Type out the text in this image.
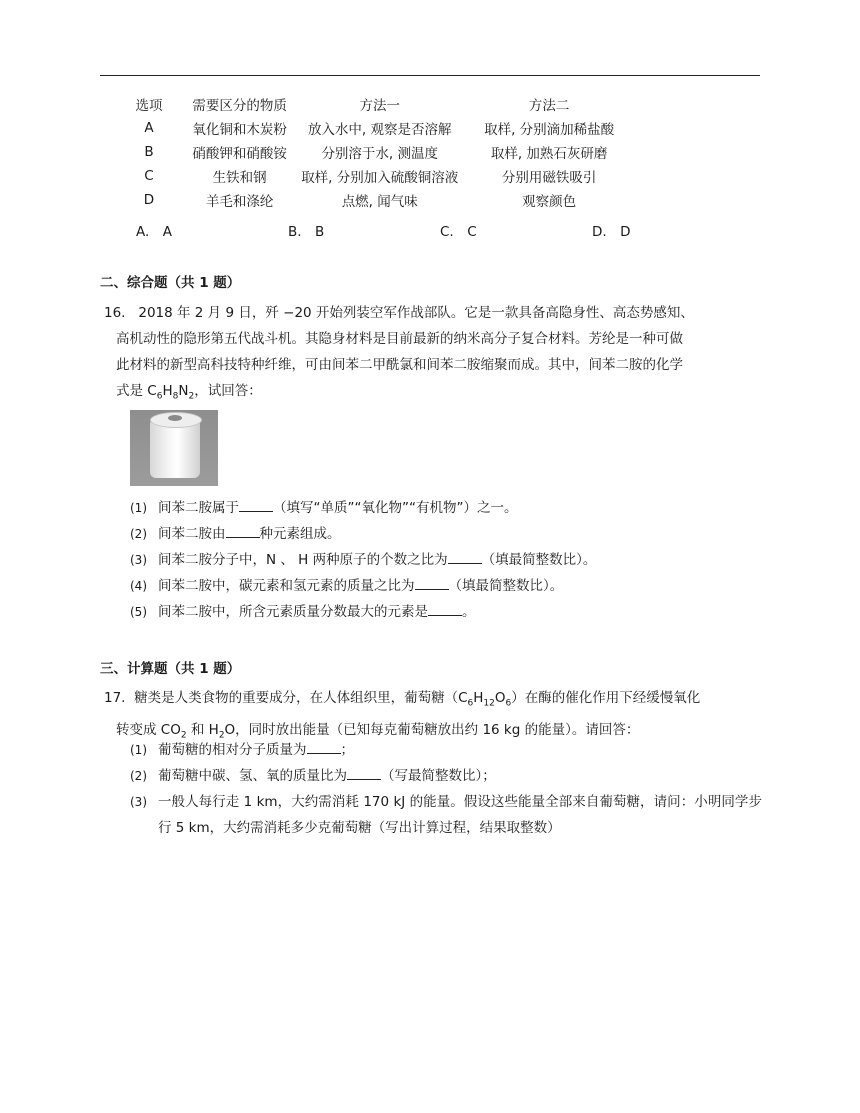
选项	需要区分的物质	方法一	方法二
A	氧化铜和木炭粉	放入水中, 观察是否溶解	取样, 分别滴加稀盐酸
B	硝酸钾和硝酸铵	分别溶于水, 测温度	取样, 加熟石灰研磨
C	生铁和钢	取样, 分别加入硫酸铜溶液	分别用磁铁吸引
D	羊毛和涤纶	点燃, 闻气味	观察颜色
A.　A	B.　B	C.　C	D.　D
二、综合题（共 1 题）
16. 2018 年 2 月 9 日，歼 −20 开始列装空军作战部队。它是一款具备高隐身性、高态势感知、
高机动性的隐形第五代战斗机。其隐身材料是目前最新的纳米高分子复合材料。芳纶是一种可做
此材料的新型高科技特种纤维，可由间苯二甲酰氯和间苯二胺缩聚而成。其中，间苯二胺的化学
式是 $C_6H_8N_2$，试回答：
(1) 间苯二胺属于	（填写“单质”“氧化物”“有机物”）之一。
(2) 间苯二胺由	种元素组成。
(3) 间苯二胺分子中，N 、 H 两种原子的个数之比为	（填最简整数比）。
(4) 间苯二胺中，碳元素和氢元素的质量之比为	（填最简整数比）。
(5) 间苯二胺中，所含元素质量分数最大的元素是	。
三、计算题（共 1 题）
17. 糖类是人类食物的重要成分，在人体组织里，葡萄糖$(C_6H_{12}O_6)$在酶的催化作用下经缓慢氧化
转变成 $CO_2$ 和 $H_2O$，同时放出能量（已知每克葡萄糖放出约 16 kg 的能量）。请回答：
(1) 葡萄糖的相对分子质量为	；
(2) 葡萄糖中碳、氢、氧的质量比为	（写最简整数比）；
(3) 一般人每行走 1 km，大约需消耗 170 kJ 的能量。假设这些能量全部来自葡萄糖，请问：小明同学步行 5 km，大约需消耗多少克葡萄糖（写出计算过程，结果取整数）
